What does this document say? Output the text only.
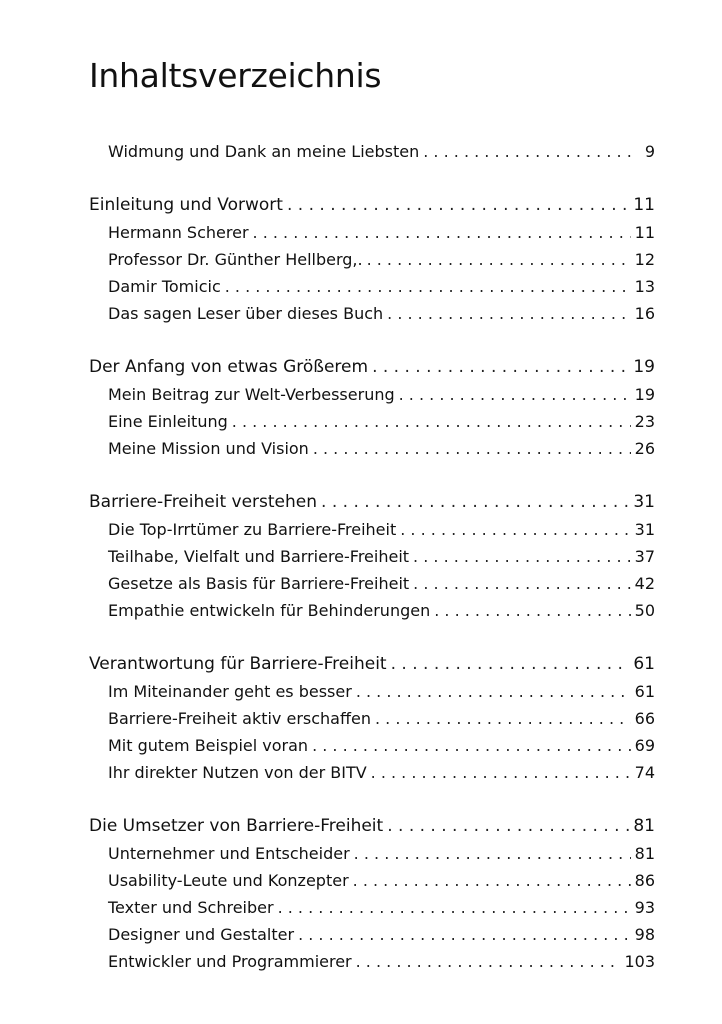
Inhaltsverzeichnis
Widmung und Dank an meine Liebsten . . .	9
Einleitung und Vorwort . . .	11
Hermann Scherer . . .	11
Professor Dr. Günther Hellberg,. . . .	12
Damir Tomicic . . .	13
Das sagen Leser über dieses Buch . . .	16
Der Anfang von etwas Größerem . . .	19
Mein Beitrag zur Welt-Verbesserung . . .	19
Eine Einleitung . . .	23
Meine Mission und Vision . . .	26
Barriere-Freiheit verstehen . . .	31
Die Top-Irrtümer zu Barriere-Freiheit . . .	31
Teilhabe, Vielfalt und Barriere-Freiheit . . .	37
Gesetze als Basis für Barriere-Freiheit . . .	42
Empathie entwickeln für Behinderungen . . .	50
Verantwortung für Barriere-Freiheit . . .	61
Im Miteinander geht es besser . . .	61
Barriere-Freiheit aktiv erschaffen . . .	66
Mit gutem Beispiel voran . . .	69
Ihr direkter Nutzen von der BITV . . .	74
Die Umsetzer von Barriere-Freiheit . . .	81
Unternehmer und Entscheider . . .	81
Usability-Leute und Konzepter . . .	86
Texter und Schreiber . . .	93
Designer und Gestalter . . .	98
Entwickler und Programmierer . . .	103
